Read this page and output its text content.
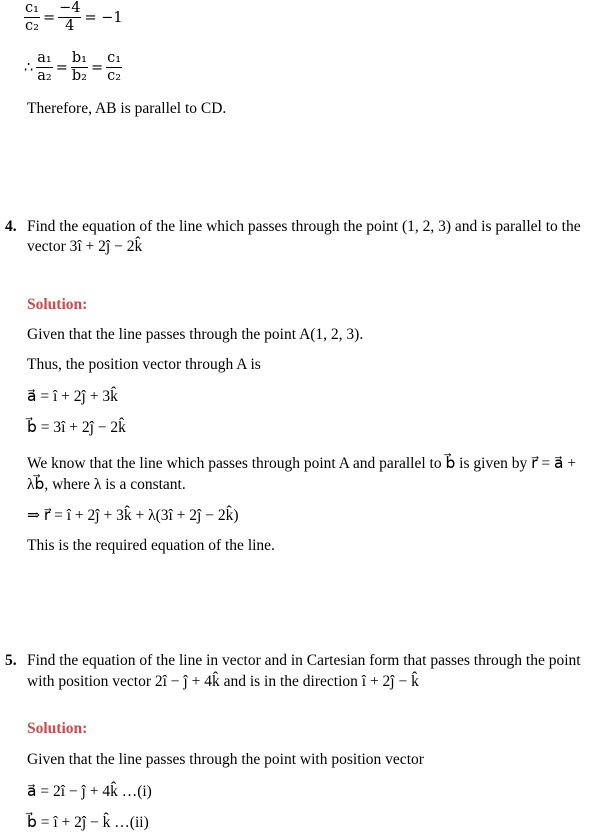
$\frac{\text{c₁}}{\text{c₂}} = \frac{-4}{4} = -1$
∴ $\frac{\text{a₁}}{\text{a₂}} = \frac{\text{b₁}}{\text{b₂}} = \frac{\text{c₁}}{\text{c₂}}$
Therefore, AB is parallel to CD.
4. Find the equation of the line which passes through the point (1, 2, 3) and is parallel to the
vector 3î + 2ĵ − 2k̂
Solution:
Given that the line passes through the point A(1, 2, 3).
Thus, the position vector through A is
a⃗ = î + 2ĵ + 3k̂
b⃗ = 3î + 2ĵ − 2k̂
We know that the line which passes through point A and parallel to b⃗ is given by r⃗ = a⃗ +
λb⃗, where λ is a constant.
⇒ r⃗ = î + 2ĵ + 3k̂ + λ(3î + 2ĵ − 2k̂)
This is the required equation of the line.
5. Find the equation of the line in vector and in Cartesian form that passes through the point
with position vector 2î − ĵ + 4k̂ and is in the direction î + 2ĵ − k̂
Solution:
Given that the line passes through the point with position vector
a⃗ = 2î − ĵ + 4k̂ …(i)
b⃗ = î + 2ĵ − k̂ …(ii)
